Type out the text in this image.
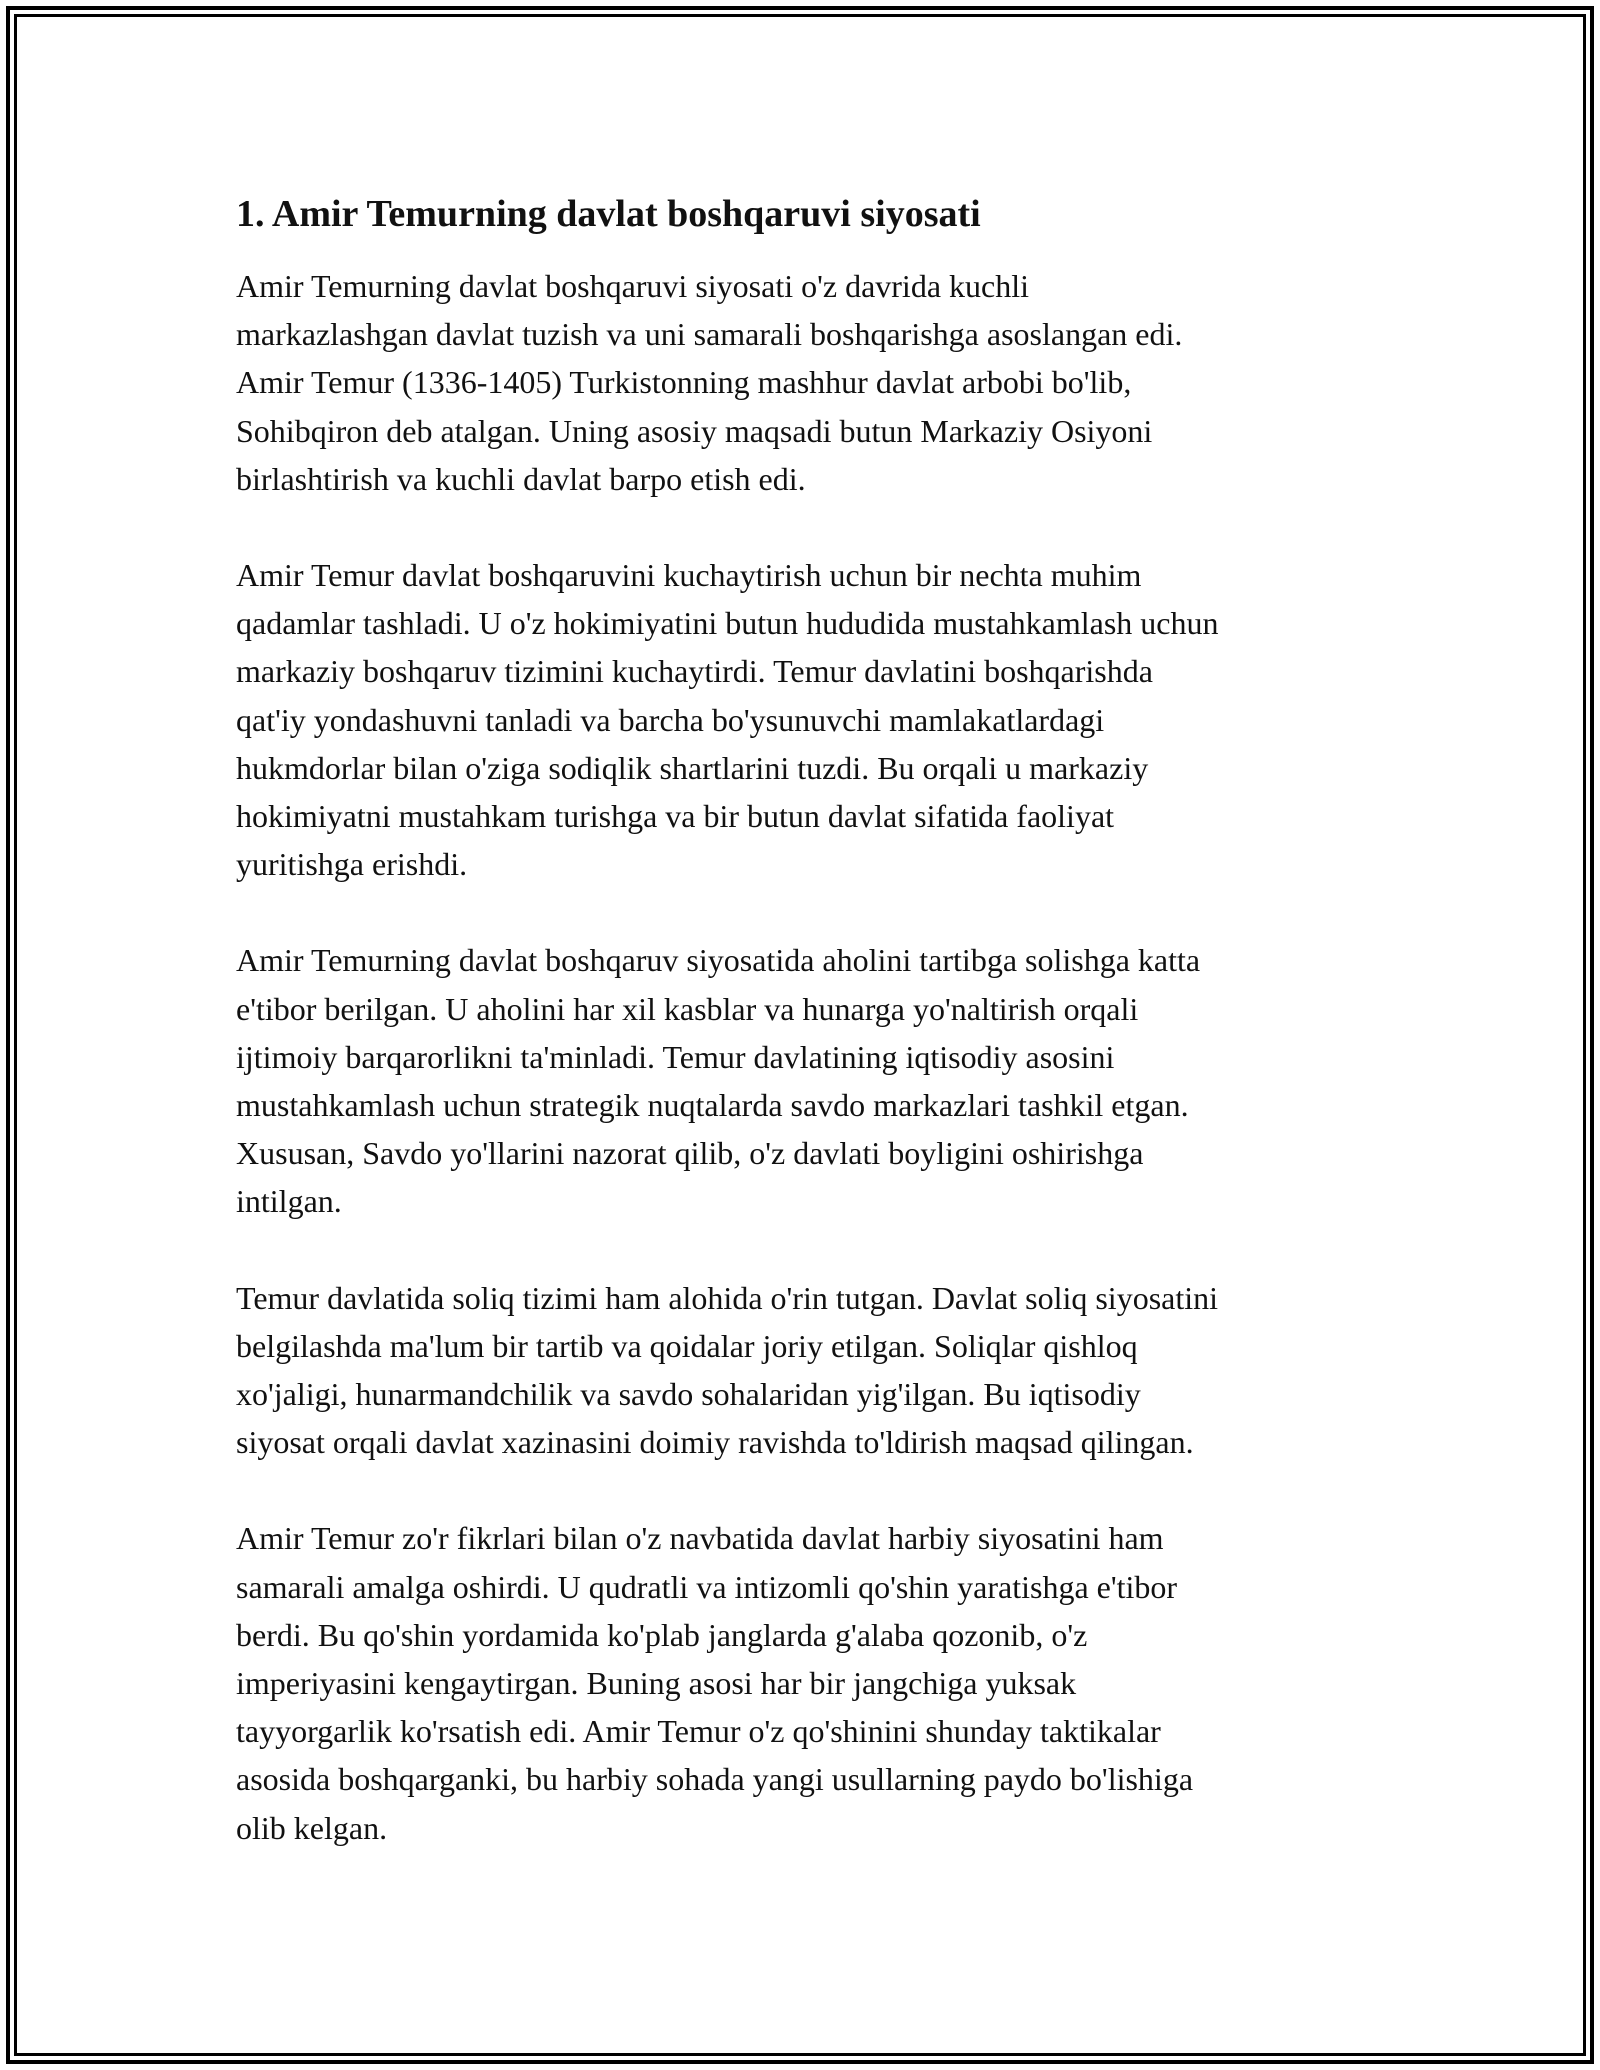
1. Amir Temurning davlat boshqaruvi siyosati

Amir Temurning davlat boshqaruvi siyosati o'z davrida kuchli
markazlashgan davlat tuzish va uni samarali boshqarishga asoslangan edi.
Amir Temur (1336-1405) Turkistonning mashhur davlat arbobi bo'lib,
Sohibqiron deb atalgan. Uning asosiy maqsadi butun Markaziy Osiyoni
birlashtirish va kuchli davlat barpo etish edi.

Amir Temur davlat boshqaruvini kuchaytirish uchun bir nechta muhim
qadamlar tashladi. U o'z hokimiyatini butun hududida mustahkamlash uchun
markaziy boshqaruv tizimini kuchaytirdi. Temur davlatini boshqarishda
qat'iy yondashuvni tanladi va barcha bo'ysunuvchi mamlakatlardagi
hukmdorlar bilan o'ziga sodiqlik shartlarini tuzdi. Bu orqali u markaziy
hokimiyatni mustahkam turishga va bir butun davlat sifatida faoliyat
yuritishga erishdi.

Amir Temurning davlat boshqaruv siyosatida aholini tartibga solishga katta
e'tibor berilgan. U aholini har xil kasblar va hunarga yo'naltirish orqali
ijtimoiy barqarorlikni ta'minladi. Temur davlatining iqtisodiy asosini
mustahkamlash uchun strategik nuqtalarda savdo markazlari tashkil etgan.
Xususan, Savdo yo'llarini nazorat qilib, o'z davlati boyligini oshirishga
intilgan.

Temur davlatida soliq tizimi ham alohida o'rin tutgan. Davlat soliq siyosatini
belgilashda ma'lum bir tartib va qoidalar joriy etilgan. Soliqlar qishloq
xo'jaligi, hunarmandchilik va savdo sohalaridan yig'ilgan. Bu iqtisodiy
siyosat orqali davlat xazinasini doimiy ravishda to'ldirish maqsad qilingan.

Amir Temur zo'r fikrlari bilan o'z navbatida davlat harbiy siyosatini ham
samarali amalga oshirdi. U qudratli va intizomli qo'shin yaratishga e'tibor
berdi. Bu qo'shin yordamida ko'plab janglarda g'alaba qozonib, o'z
imperiyasini kengaytirgan. Buning asosi har bir jangchiga yuksak
tayyorgarlik ko'rsatish edi. Amir Temur o'z qo'shinini shunday taktikalar
asosida boshqarganki, bu harbiy sohada yangi usullarning paydo bo'lishiga
olib kelgan.
